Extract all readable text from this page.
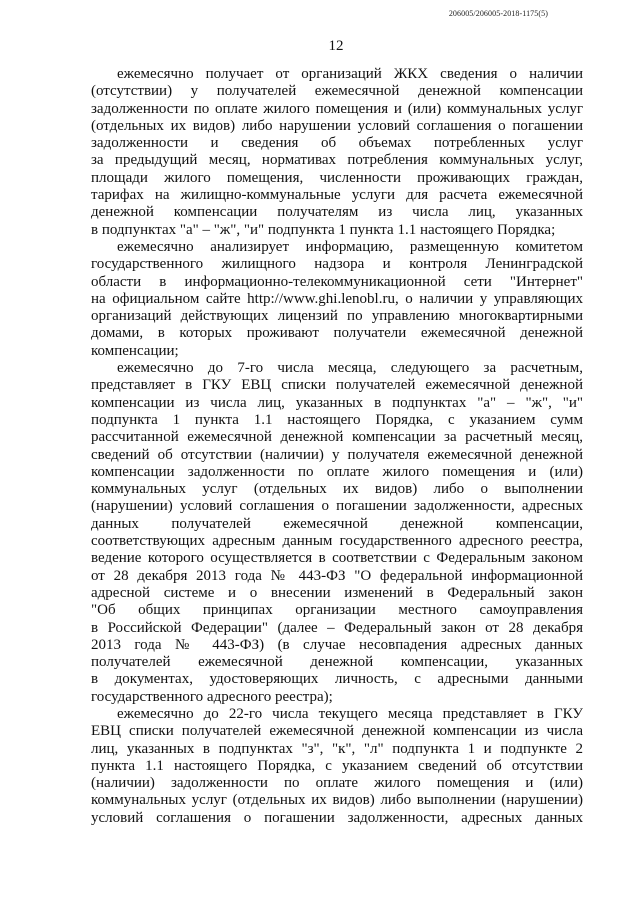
206005/206005-2018-1175(5)
12
ежемесячно получает от организаций ЖКХ сведения о наличии
(отсутствии) у получателей ежемесячной денежной компенсации
задолженности по оплате жилого помещения и (или) коммунальных услуг
(отдельных их видов) либо нарушении условий соглашения о погашении
задолженности и сведения об объемах потребленных услуг
за предыдущий месяц, нормативах потребления коммунальных услуг,
площади жилого помещения, численности проживающих граждан,
тарифах на жилищно-коммунальные услуги для расчета ежемесячной
денежной компенсации получателям из числа лиц, указанных
в подпунктах "а" – "ж", "и" подпункта 1 пункта 1.1 настоящего Порядка;
ежемесячно анализирует информацию, размещенную комитетом
государственного жилищного надзора и контроля Ленинградской
области в информационно-телекоммуникационной сети "Интернет"
на официальном сайте http://www.ghi.lenobl.ru, о наличии у управляющих
организаций действующих лицензий по управлению многоквартирными
домами, в которых проживают получатели ежемесячной денежной
компенсации;
ежемесячно до 7-го числа месяца, следующего за расчетным,
представляет в ГКУ ЕВЦ списки получателей ежемесячной денежной
компенсации из числа лиц, указанных в подпунктах "а" – "ж", "и"
подпункта 1 пункта 1.1 настоящего Порядка, с указанием сумм
рассчитанной ежемесячной денежной компенсации за расчетный месяц,
сведений об отсутствии (наличии) у получателя ежемесячной денежной
компенсации задолженности по оплате жилого помещения и (или)
коммунальных услуг (отдельных их видов) либо о выполнении
(нарушении) условий соглашения о погашении задолженности, адресных
данных получателей ежемесячной денежной компенсации,
соответствующих адресным данным государственного адресного реестра,
ведение которого осуществляется в соответствии с Федеральным законом
от 28 декабря 2013 года № 443-ФЗ "О федеральной информационной
адресной системе и о внесении изменений в Федеральный закон
"Об общих принципах организации местного самоуправления
в Российской Федерации" (далее – Федеральный закон от 28 декабря
2013 года № 443-ФЗ) (в случае несовпадения адресных данных
получателей ежемесячной денежной компенсации, указанных
в документах, удостоверяющих личность, с адресными данными
государственного адресного реестра);
ежемесячно до 22-го числа текущего месяца представляет в ГКУ
ЕВЦ списки получателей ежемесячной денежной компенсации из числа
лиц, указанных в подпунктах "з", "к", "л" подпункта 1 и подпункте 2
пункта 1.1 настоящего Порядка, с указанием сведений об отсутствии
(наличии) задолженности по оплате жилого помещения и (или)
коммунальных услуг (отдельных их видов) либо выполнении (нарушении)
условий соглашения о погашении задолженности, адресных данных
